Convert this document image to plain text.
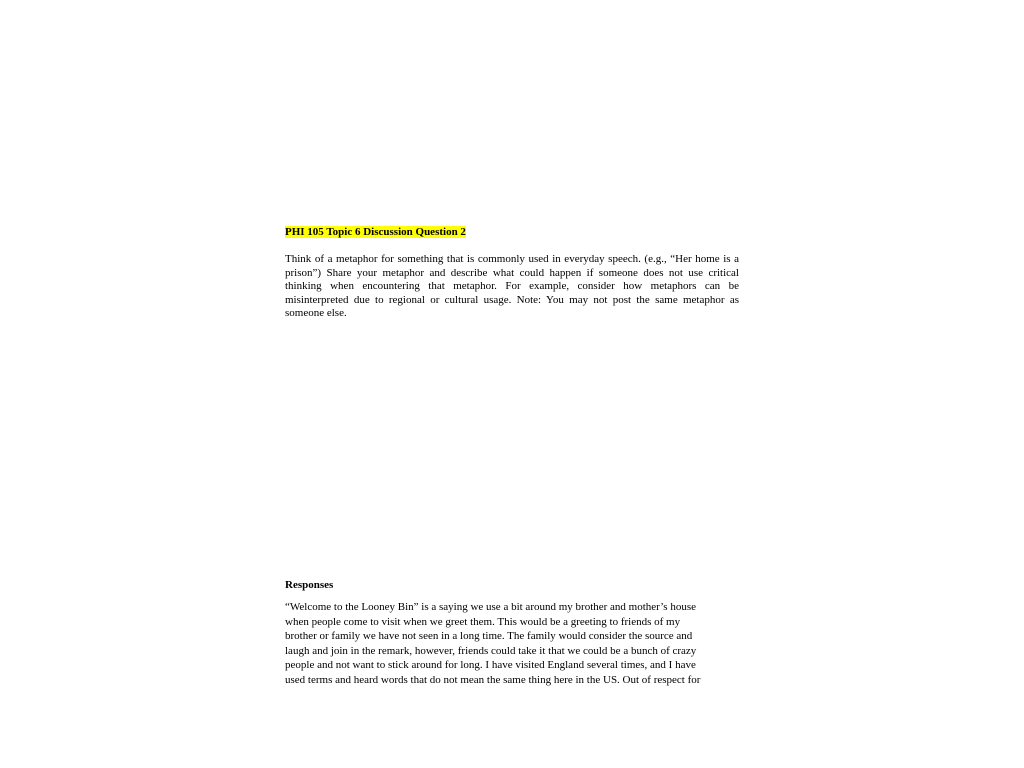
PHI 105 Topic 6 Discussion Question 2

Think of a metaphor for something that is commonly used in everyday speech. (e.g., “Her home is a prison”) Share your metaphor and describe what could happen if someone does not use critical thinking when encountering that metaphor. For example, consider how metaphors can be misinterpreted due to regional or cultural usage. Note: You may not post the same metaphor as someone else.

Responses
“Welcome to the Looney Bin” is a saying we use a bit around my brother and mother’s house
when people come to visit when we greet them. This would be a greeting to friends of my
brother or family we have not seen in a long time. The family would consider the source and
laugh and join in the remark, however, friends could take it that we could be a bunch of crazy
people and not want to stick around for long. I have visited England several times, and I have
used terms and heard words that do not mean the same thing here in the US. Out of respect for
